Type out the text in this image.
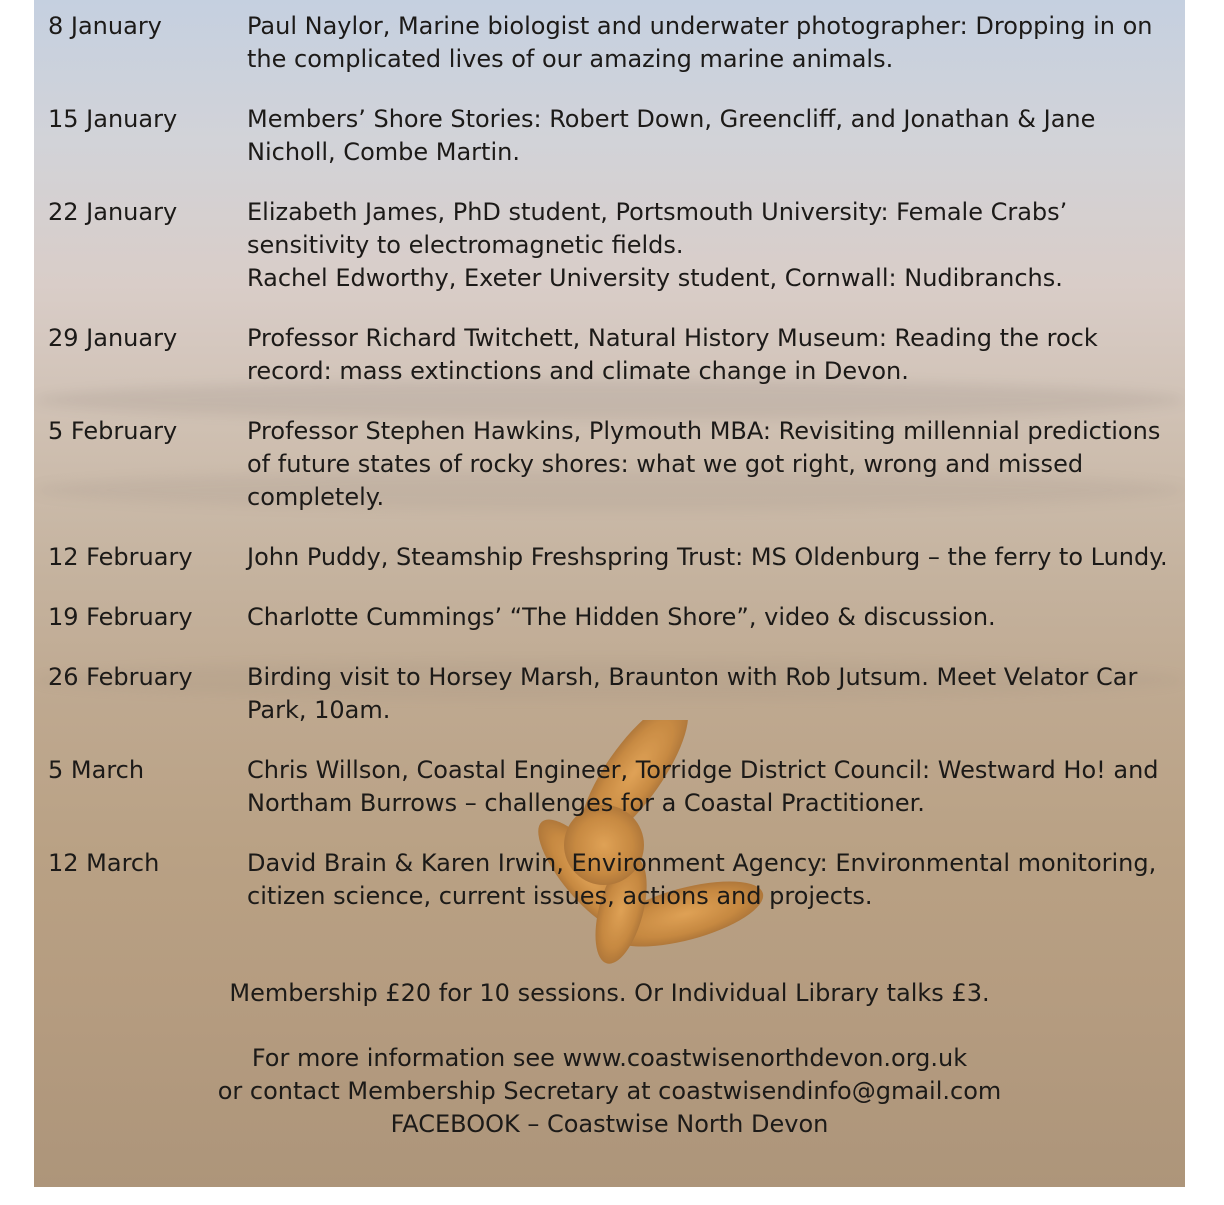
8 January	Paul Naylor, Marine biologist and underwater photographer: Dropping in on the complicated lives of our amazing marine animals.
15 January	Members’ Shore Stories: Robert Down, Greencliff, and Jonathan & Jane Nicholl, Combe Martin.
22 January	Elizabeth James, PhD student, Portsmouth University: Female Crabs’ sensitivity to electromagnetic fields.
Rachel Edworthy, Exeter University student, Cornwall: Nudibranchs.
29 January	Professor Richard Twitchett, Natural History Museum: Reading the rock record: mass extinctions and climate change in Devon.
5 February	Professor Stephen Hawkins, Plymouth MBA: Revisiting millennial predictions of future states of rocky shores: what we got right, wrong and missed completely.
12 February	John Puddy, Steamship Freshspring Trust: MS Oldenburg – the ferry to Lundy.
19 February	Charlotte Cummings’ “The Hidden Shore”, video & discussion.
26 February	Birding visit to Horsey Marsh, Braunton with Rob Jutsum. Meet Velator Car Park, 10am.
5 March	Chris Willson, Coastal Engineer, Torridge District Council: Westward Ho! and Northam Burrows – challenges for a Coastal Practitioner.
12 March	David Brain & Karen Irwin, Environment Agency: Environmental monitoring, citizen science, current issues, actions and projects.
Membership £20 for 10 sessions. Or Individual Library talks £3.
For more information see www.coastwisenorthdevon.org.uk
or contact Membership Secretary at coastwisendinfo@gmail.com
FACEBOOK – Coastwise North Devon
